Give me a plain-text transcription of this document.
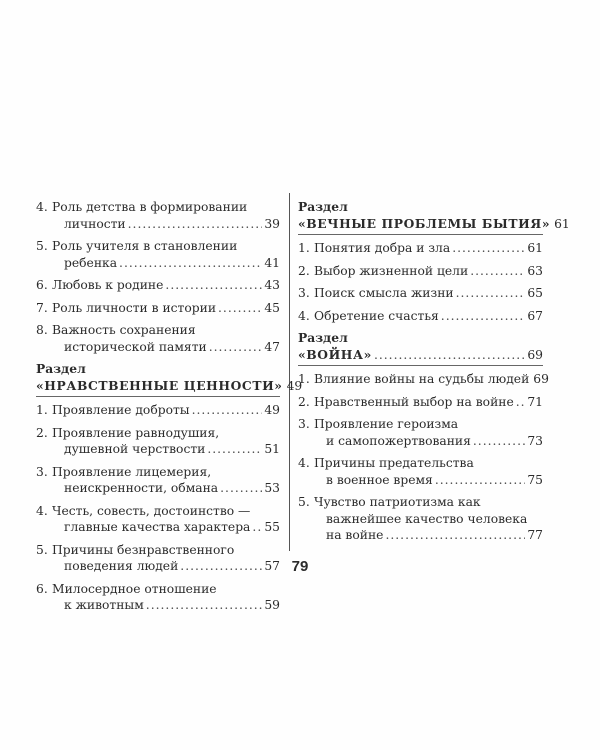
4. Роль детства в формировании
личности .....	39
5. Роль учителя в становлении
ребенка .....	41
6. Любовь к родине .....	43
7. Роль личности в истории .....	45
8. Важность сохранения
исторической памяти .....	47
Раздел
«НРАВСТВЕННЫЕ ЦЕННОСТИ» 49
1. Проявление доброты .....	49
2. Проявление равнодушия,
душевной черствости .....	51
3. Проявление лицемерия,
неискренности, обмана .....	53
4. Честь, совесть, достоинство —
главные качества характера ..... 55
5. Причины безнравственного
поведения людей .....	57
6. Милосердное отношение
к животным .....	59
Раздел
«ВЕЧНЫЕ ПРОБЛЕМЫ БЫТИЯ» 61
1. Понятия добра и зла .....	61
2. Выбор жизненной цели .....	63
3. Поиск смысла жизни .....	65
4. Обретение счастья .....	67
Раздел
«ВОЙНА» .....	69
1. Влияние войны на судьбы людей 69
2. Нравственный выбор на войне ..... 71
3. Проявление героизма
и самопожертвования .....	73
4. Причины предательства
в военное время .....	75
5. Чувство патриотизма как
важнейшее качество человека
на войне .....	77
79
